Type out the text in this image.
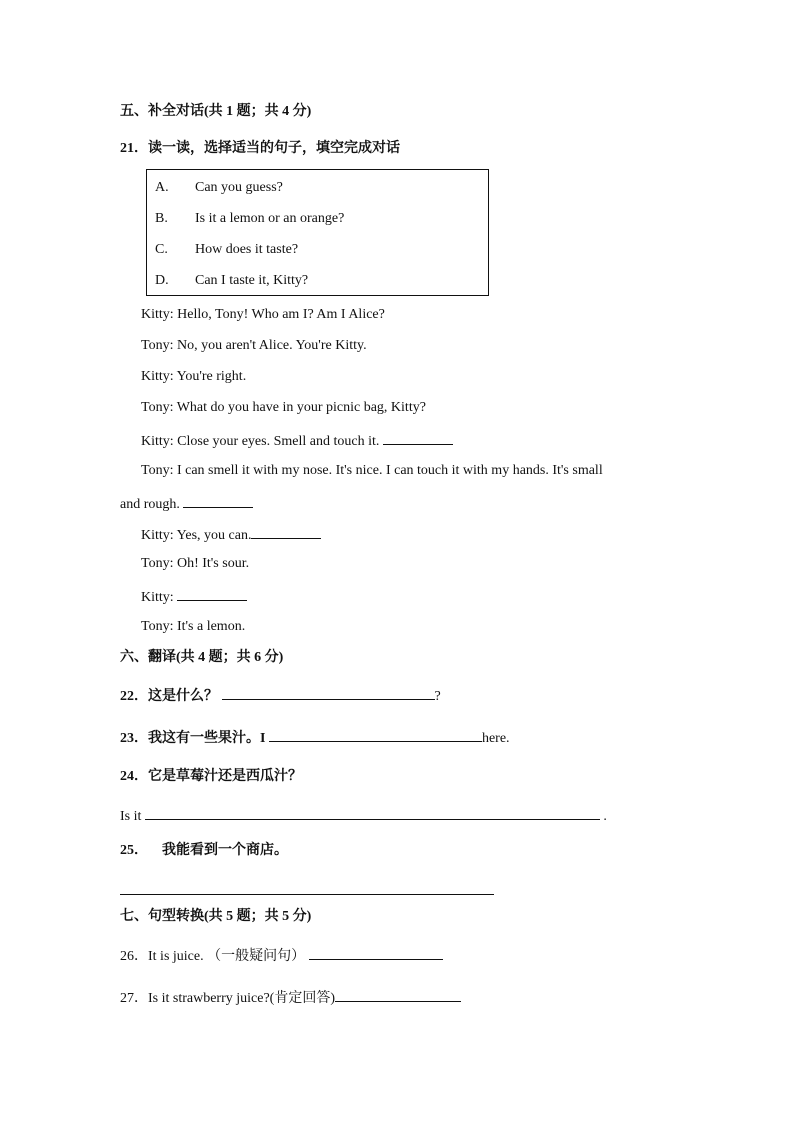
五、补全对话(共 1 题；共 4 分)
21．读一读，选择适当的句子，填空完成对话
A. Can you guess?
B. Is it a lemon or an orange?
C. How does it taste?
D. Can I taste it, Kitty?
Kitty: Hello, Tony! Who am I? Am I Alice?
Tony: No, you aren't Alice. You're Kitty.
Kitty: You're right.
Tony: What do you have in your picnic bag, Kitty?
Kitty: Close your eyes. Smell and touch it.
Tony: I can smell it with my nose. It's nice. I can touch it with my hands. It's small
and rough.
Kitty: Yes, you can.
Tony: Oh! It's sour.
Kitty:
Tony: It's a lemon.
六、翻译(共 4 题；共 6 分)
22．这是什么？	?
23．我这有一些果汁。I	here.
24．它是草莓汁还是西瓜汁？
Is it	.
25．    我能看到一个商店。
七、句型转换(共 5 题；共 5 分)
26．It is juice. （一般疑问句）
27．Is it strawberry juice?(肯定回答)
